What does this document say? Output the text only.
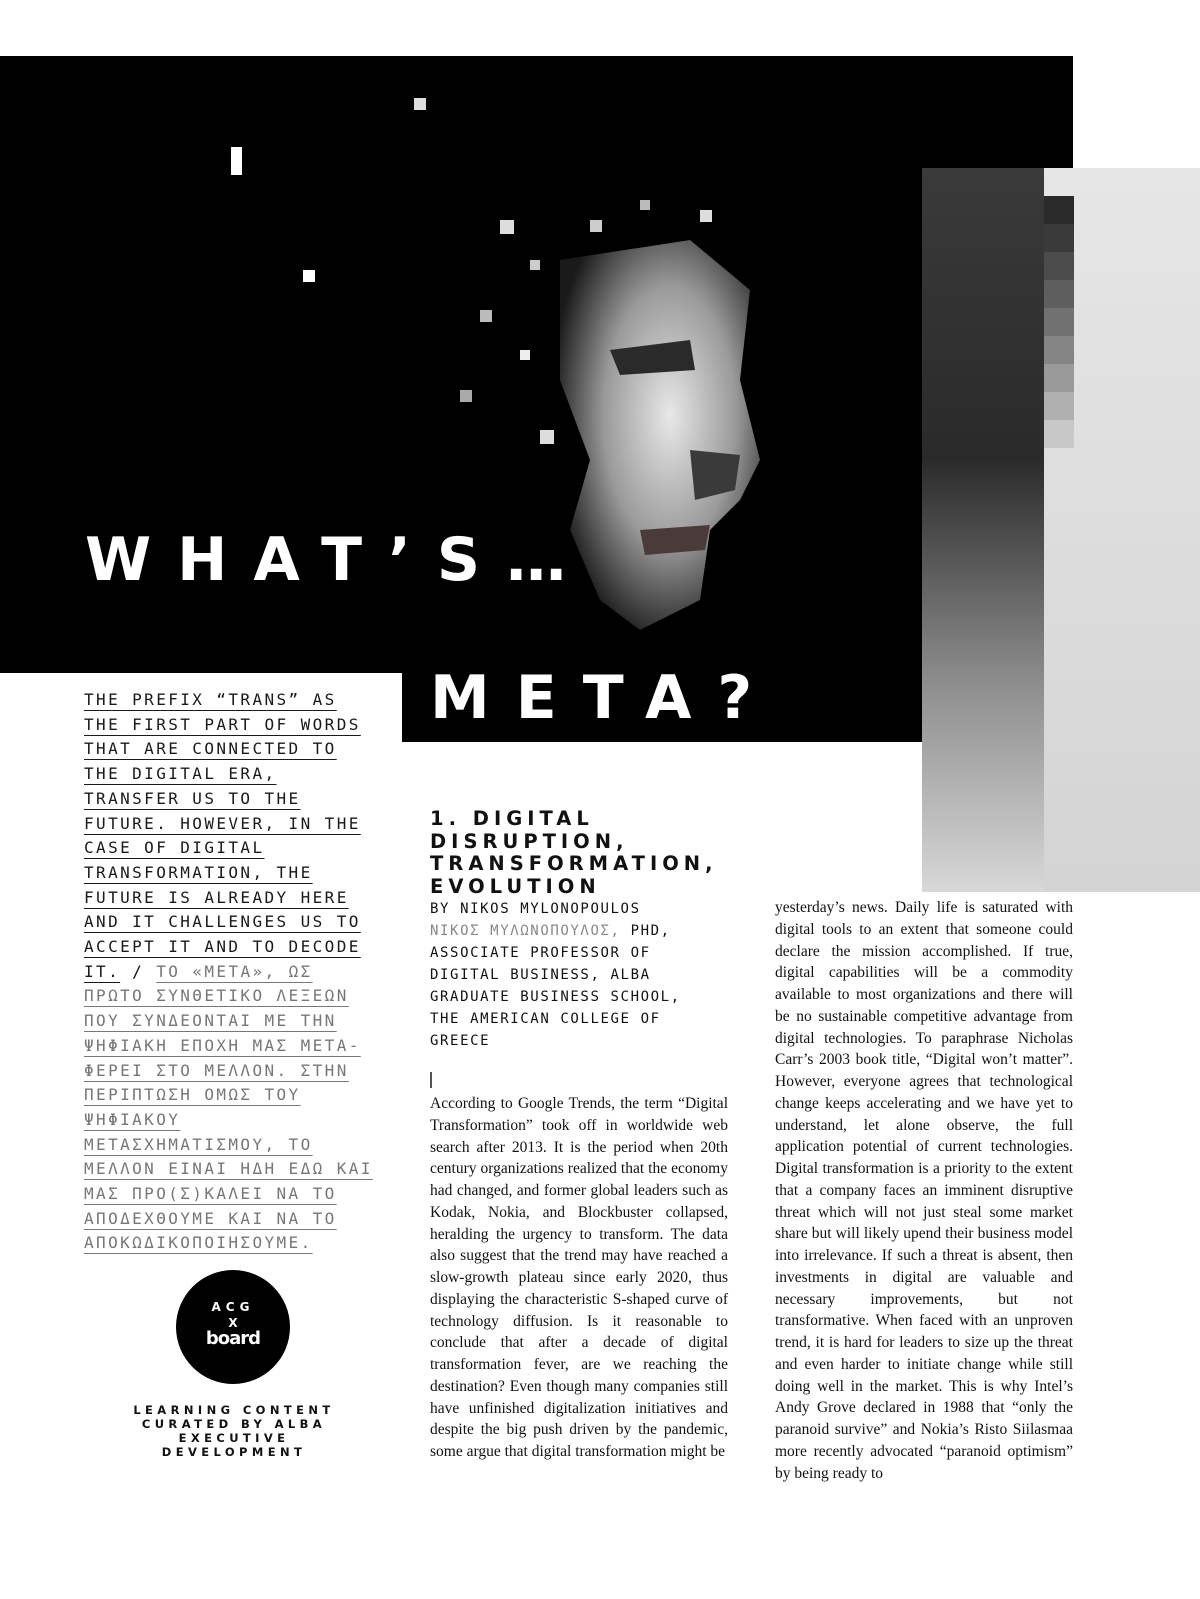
WHAT’S…
META?
THE PREFIX “TRANS” AS THE FIRST PART OF WORDS THAT ARE CONNECTED TO THE DIGITAL ERA, TRANSFER US TO THE FUTURE. HOWEVER, IN THE CASE OF DIGITAL TRANSFORMATION, THE FUTURE IS ALREADY HERE AND IT CHALLENGES US TO ACCEPT IT AND TO DECODE IT. / ΤΟ «ΜΕΤΑ», ΩΣ ΠΡΩΤΟ ΣΥΝΘΕΤΙΚΟ ΛΕΞΕΩΝ ΠΟΥ ΣΥΝΔΕΟΝΤΑΙ ΜΕ ΤΗΝ ΨΗΦΙΑΚΗ ΕΠΟΧΗ ΜΑΣ ΜΕΤΑ-ΦΕΡΕΙ ΣΤΟ ΜΕΛΛΟΝ. ΣΤΗΝ ΠΕΡΙΠΤΩΣΗ ΟΜΩΣ ΤΟΥ ΨΗΦΙΑΚΟΥ ΜΕΤΑΣΧΗΜΑΤΙΣΜΟΥ, ΤΟ ΜΕΛΛΟΝ ΕΙΝΑΙ ΗΔΗ ΕΔΩ ΚΑΙ ΜΑΣ ΠΡΟ(Σ)ΚΑΛΕΙ ΝΑ ΤΟ ΑΠΟΔΕΧΘΟΥΜΕ ΚΑΙ ΝΑ ΤΟ ΑΠΟΚΩΔΙΚΟΠΟΙΗΣΟΥΜΕ.
ACG
X
board
LEARNING CONTENT CURATED BY ALBA EXECUTIVE DEVELOPMENT
1. DIGITAL DISRUPTION, TRANSFORMATION, EVOLUTION
BY NIKOS MYLONOPOULOS
ΝΙΚΟΣ ΜΥΛΩΝΟΠΟΥΛΟΣ, PHD, ASSOCIATE PROFESSOR OF DIGITAL BUSINESS, ALBA GRADUATE BUSINESS SCHOOL, THE AMERICAN COLLEGE OF GREECE
According to Google Trends, the term “Digital Transformation” took off in worldwide web search after 2013. It is the period when 20th century organizations realized that the economy had changed, and former global leaders such as Kodak, Nokia, and Blockbuster collapsed, heralding the urgency to transform. The data also suggest that the trend may have reached a slow-growth plateau since early 2020, thus displaying the characteristic S-shaped curve of technology diffusion. Is it reasonable to conclude that after a decade of digital transformation fever, are we reaching the destination? Even though many companies still have unfinished digitalization initiatives and despite the big push driven by the pandemic, some argue that digital transformation might be
yesterday’s news. Daily life is saturated with digital tools to an extent that someone could declare the mission accomplished. If true, digital capabilities will be a commodity available to most organizations and there will be no sustainable competitive advantage from digital technologies. To paraphrase Nicholas Carr’s 2003 book title, “Digital won’t matter”. However, everyone agrees that technological change keeps accelerating and we have yet to understand, let alone observe, the full application potential of current technologies. Digital transformation is a priority to the extent that a company faces an imminent disruptive threat which will not just steal some market share but will likely upend their business model into irrelevance. If such a threat is absent, then investments in digital are valuable and necessary improvements, but not transformative. When faced with an unproven trend, it is hard for leaders to size up the threat and even harder to initiate change while still doing well in the market. This is why Intel’s Andy Grove declared in 1988 that “only the paranoid survive” and Nokia’s Risto Siilasmaa more recently advocated “paranoid optimism” by being ready to
